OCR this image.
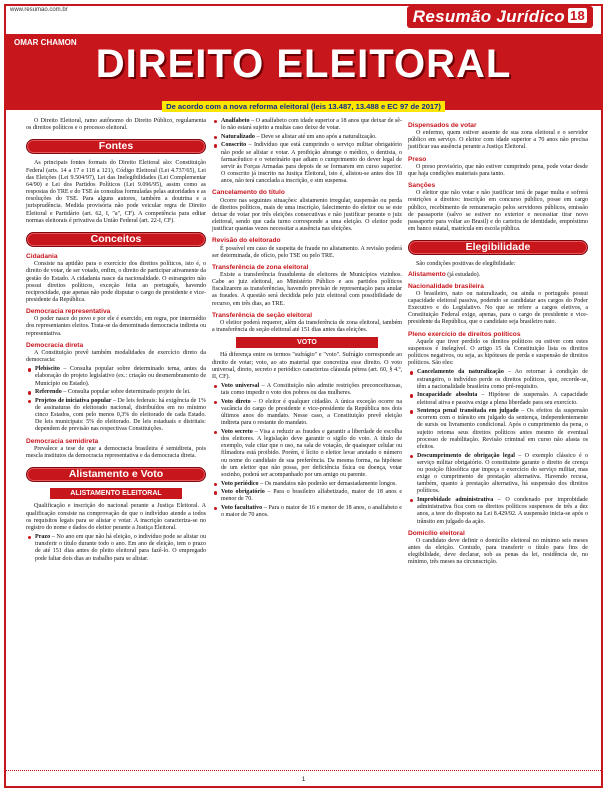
www.resumao.com.br	Resumão Jurídico 18
OMAR CHAMON DIREITO ELEITORAL
De acordo com a nova reforma eleitoral (leis 13.487, 13.488 e EC 97 de 2017)

O Direito Eleitoral, ramo autônomo do Direito Público, regulamenta os direitos políticos e o processo eleitoral.

Fontes

As principais fontes formais do Direito Eleitoral são: Constituição Federal (arts. 14 a 17 e 118 a 121), Código Eleitoral (Lei 4.737/65), Lei das Eleições (Lei 9.504/97), Lei das Inelegibilidades (Lei Complementar 64/90) e Lei dos Partidos Políticos (Lei 9.096/95), assim como as respostas do TRE e do TSE às consultas formuladas pelas autoridades e as resoluções do TSE. Para alguns autores, também a doutrina e a jurisprudência. Medida provisória não pode veicular regra de Direito Eleitoral e Partidário (art. 62, I, "a", CF). A competência para editar normas eleitorais é privativa da União Federal (art. 22-I, CF).

Conceitos
Cidadania

Consiste na aptidão para o exercício dos direitos políticos, isto é, o direito de votar, de ser votado, enfim, o direito de participar ativamente da gestão do Estado. A cidadania nasce da nacionalidade. O estrangeiro não possui direitos políticos, exceção feita ao português, havendo reciprocidade, que apenas não pode disputar o cargo de presidente e vice-presidente da República.

Democracia representativa

O poder nasce do povo e por ele é exercido, em regra, por intermédio dos representantes eleitos. Trata-se da denominada democracia indireta ou representativa.

Democracia direta

A Constituição prevê também modalidades de exercício direto da democracia:

Plebiscito – Consulta popular sobre determinado tema, antes da elaboração do projeto legislativo (ex.: criação ou desmembramento de Município ou Estado).
Referendo – Consulta popular sobre determinado projeto de lei.
Projetos de iniciativa popular – De leis federais: há exigência de 1% de assinaturas do eleitorado nacional, distribuídos em no mínimo cinco Estados, com pelo menos 0,3% do eleitorado de cada Estado. De leis municipais: 5% do eleitorado. De leis estaduais e distritais: dependem de previsão nas respectivas Constituições.
Democracia semidireta

Prevalece a tese de que a democracia brasileira é semidireta, pois mescla institutos da democracia representativa e da democracia direta.

Alistamento e Voto
ALISTAMENTO ELEITORAL

Qualificação e inscrição do nacional perante a Justiça Eleitoral. A qualificação consiste na comprovação de que o indivíduo atende a todos os requisitos legais para se alistar e votar. A inscrição caracteriza-se no registro do nome e dados do eleitor perante a Justiça Eleitoral.

Prazo – No ano em que não há eleição, o indivíduo pode se alistar ou transferir o título durante todo o ano. Em ano de eleição, tem o prazo de até 151 dias antes do pleito eleitoral para fazê-lo. O empregado pode faltar dois dias ao trabalho para se alistar.
Analfabeto – O analfabeto com idade superior a 18 anos que deixar de sê-lo não estará sujeito a multas caso deixe de votar.
Naturalizado – Deve se alistar até um ano após a naturalização.
Conscrito – Indivíduo que está cumprindo o serviço militar obrigatório não pode se alistar e votar. A proibição abrange o médico, o dentista, o farmacêutico e o veterinário que adiam o cumprimento do dever legal de servir às Forças Armadas para depois de se formarem em curso superior. O conscrito já inscrito na Justiça Eleitoral, isto é, alistou-se antes dos 18 anos, não terá cancelada a inscrição, e sim suspensa.
Cancelamento do título

Ocorre nas seguintes situações: alistamento irregular, suspensão ou perda de direitos políticos, mais de uma inscrição, falecimento do eleitor ou se este deixar de votar por três eleições consecutivas e não justificar perante o juiz eleitoral, sendo que cada turno corresponde a uma eleição. O eleitor pode justificar quantas vezes necessitar a ausência nas eleições.

Revisão do eleitorado

É possível em caso de suspeita de fraude no alistamento. A revisão poderá ser determinada, de ofício, pelo TSE ou pelo TRE.

Transferência de zona eleitoral

Existe a transferência fraudulenta de eleitores de Municípios vizinhos. Cabe ao juiz eleitoral, ao Ministério Público e aos partidos políticos fiscalizarem as transferências, havendo previsão de representação para anular as fraudes. A questão será decidida pelo juiz eleitoral com possibilidade de recurso, em três dias, ao TRE.

Transferência de seção eleitoral

O eleitor poderá requerer, além da transferência de zona eleitoral, também a transferência de seção eleitoral até 151 dias antes das eleições.

VOTO

Há diferença entre os termos "sufrágio" e "voto". Sufrágio corresponde ao direito de votar; voto, ao ato material que concretiza esse direito. O voto universal, direto, secreto e periódico caracteriza cláusula pétrea (art. 60, § 4.º, II, CF).

Voto universal – A Constituição não admite restrições preconceituosas, tais como impedir o voto dos pobres ou das mulheres.
Voto direto – O eleitor é qualquer cidadão. A única exceção ocorre na vacância do cargo de presidente e vice-presidente da República nos dois últimos anos do mandato. Nesse caso, a Constituição prevê eleição indireta para o restante do mandato.
Voto secreto – Visa a reduzir as fraudes e garantir a liberdade de escolha dos eleitores. A legislação deve garantir o sigilo do voto. A título de exemplo, vale citar que o uso, na sala de votação, de quaisquer celular ou filmadora está proibido. Porém, é lícito o eleitor levar anotado o número ou nome do candidato de sua preferência. Da mesma forma, na hipótese de um eleitor que não possa, por deficiência física ou doença, votar sozinho, poderá ser acompanhado por um amigo ou parente.
Voto periódico – Os mandatos não poderão ser demasiadamente longos.
Voto obrigatório – Para o brasileiro alfabetizado, maior de 18 anos e menor de 70.
Voto facultativo – Para o maior de 16 e menor de 18 anos, o analfabeto e o maior de 70 anos.
Dispensados de votar

O enfermo, quem estiver ausente de sua zona eleitoral e o servidor público em serviço. O eleitor com idade superior a 70 anos não precisa justificar sua ausência perante a Justiça Eleitoral.

Preso

O preso provisório, que não estiver cumprindo pena, pode votar desde que haja condições materiais para tanto.

Sanções

O eleitor que não votar e não justificar terá de pagar multa e sofrerá restrições a direitos: inscrição em concurso público, posse em cargo público, recebimento de remuneração pelos servidores públicos, emissão de passaporte (salvo se estiver no exterior e necessitar tirar novo passaporte para voltar ao Brasil) e do carteira de identidade, empréstimo em banco estatal, matrícula em escola pública.

Elegibilidade

São condições positivas de elegibilidade:

Alistamento (já estudado).

Nacionalidade brasileira

O brasileiro, nato ou naturalizado, ou ainda o português possui capacidade eleitoral passiva, podendo se candidatar aos cargos do Poder Executivo e do Legislativo. No que se refere a cargos eletivos, a Constituição Federal exige, apenas, para o cargo de presidente e vice-presidente da República, que o candidato seja brasileiro nato.

Pleno exercício de direitos políticos

Aquele que tiver perdido os direitos políticos ou estiver com estes suspensos é inelegível. O artigo 15 da Constituição lista os direitos políticos negativos, ou seja, as hipóteses de perda e suspensão de direitos políticos. São eles:

Cancelamento da naturalização – Ao retornar à condição de estrangeiro, o indivíduo perde os direitos políticos, que, recorde-se, têm a nacionalidade brasileira como pré-requisito.
Incapacidade absoluta – Hipótese de suspensão. A capacidade eleitoral ativa e passiva exige a plena liberdade para seu exercício.
Sentença penal transitada em julgado – Os efeitos da suspensão ocorrem com o trânsito em julgado da sentença, independentemente de sursis ou livramento condicional. Após o cumprimento da pena, o sujeito retoma seus direitos políticos antes mesmo de eventual processo de reabilitação. Revisão criminal em curso não afasta os efeitos.
Descumprimento de obrigação legal – O exemplo clássico é o serviço militar obrigatório. O constituinte garante o direito de crença ou posição filosófica que impeça o exercício do serviço militar, mas exige o cumprimento de prestação alternativa. Havendo recusa, também, quanto à prestação alternativa, há suspensão dos direitos políticos.
Improbidade administrativa – O condenado por improbidade administrativa fica com os direitos políticos suspensos de três a dez anos, a teor do disposto na Lei 8.429/92. A suspensão inicia-se após o trânsito em julgado da ação.
Domicílio eleitoral

O candidato deve definir o domicílio eleitoral no mínimo seis meses antes da eleição. Contudo, para transferir o título para fins de elegibilidade, deve declarar, sob as penas da lei, residência de, no mínimo, três meses na circunscrição.

1
